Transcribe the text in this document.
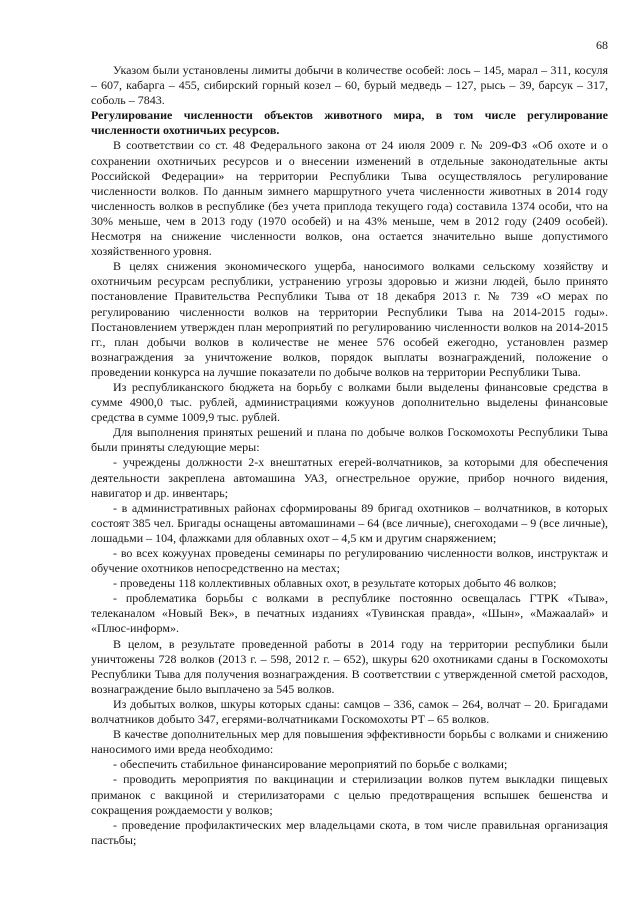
68

Указом были установлены лимиты добычи в количестве особей: лось – 145, марал – 311, косуля – 607, кабарга – 455, сибирский горный козел – 60, бурый медведь – 127, рысь – 39, барсук – 317, соболь – 7843.

Регулирование численности объектов животного мира, в том числе регулирование численности охотничьих ресурсов.

В соответствии со ст. 48 Федерального закона от 24 июля 2009 г. № 209-ФЗ «Об охоте и о сохранении охотничьих ресурсов и о внесении изменений в отдельные законодательные акты Российской Федерации» на территории Республики Тыва осуществлялось регулирование численности волков. По данным зимнего маршрутного учета численности животных в 2014 году численность волков в республике (без учета приплода текущего года) составила 1374 особи, что на 30% меньше, чем в 2013 году (1970 особей) и на 43% меньше, чем в 2012 году (2409 особей). Несмотря на снижение численности волков, она остается значительно выше допустимого хозяйственного уровня.

В целях снижения экономического ущерба, наносимого волками сельскому хозяйству и охотничьим ресурсам республики, устранению угрозы здоровью и жизни людей, было принято постановление Правительства Республики Тыва от 18 декабря 2013 г. № 739 «О мерах по регулированию численности волков на территории Республики Тыва на 2014-2015 годы». Постановлением утвержден план мероприятий по регулированию численности волков на 2014-2015 гг., план добычи волков в количестве не менее 576 особей ежегодно, установлен размер вознаграждения за уничтожение волков, порядок выплаты вознаграждений, положение о проведении конкурса на лучшие показатели по добыче волков на территории Республики Тыва.

Из республиканского бюджета на борьбу с волками были выделены финансовые средства в сумме 4900,0 тыс. рублей, администрациями кожуунов дополнительно выделены финансовые средства в сумме 1009,9 тыс. рублей.

Для выполнения принятых решений и плана по добыче волков Госкомохоты Республики Тыва были приняты следующие меры:

- учреждены должности 2-х внештатных егерей-волчатников, за которыми для обеспечения деятельности закреплена автомашина УАЗ, огнестрельное оружие, прибор ночного видения, навигатор и др. инвентарь;

- в административных районах сформированы 89 бригад охотников – волчатников, в которых состоят 385 чел. Бригады оснащены автомашинами – 64 (все личные), снегоходами – 9 (все личные), лошадьми – 104, флажками для облавных охот – 4,5 км и другим снаряжением;

- во всех кожуунах проведены семинары по регулированию численности волков, инструктаж и обучение охотников непосредственно на местах;

- проведены 118 коллективных облавных охот, в результате которых добыто 46 волков;

- проблематика борьбы с волками в республике постоянно освещалась ГТРК «Тыва», телеканалом «Новый Век», в печатных изданиях «Тувинская правда», «Шын», «Мажаалай» и «Плюс-информ».

В целом, в результате проведенной работы в 2014 году на территории республики были уничтожены 728 волков (2013 г. – 598, 2012 г. – 652), шкуры 620 охотниками сданы в Госкомохоты Республики Тыва для получения вознаграждения. В соответствии с утвержденной сметой расходов, вознаграждение было выплачено за 545 волков.

Из добытых волков, шкуры которых сданы: самцов – 336, самок – 264, волчат – 20. Бригадами волчатников добыто 347, егерями-волчатниками Госкомохоты РТ – 65 волков.

В качестве дополнительных мер для повышения эффективности борьбы с волками и снижению наносимого ими вреда необходимо:

- обеспечить стабильное финансирование мероприятий по борьбе с волками;

- проводить мероприятия по вакцинации и стерилизации волков путем выкладки пищевых приманок с вакциной и стерилизаторами с целью предотвращения вспышек бешенства и сокращения рождаемости у волков;

- проведение профилактических мер владельцами скота, в том числе правильная организация пастьбы;
